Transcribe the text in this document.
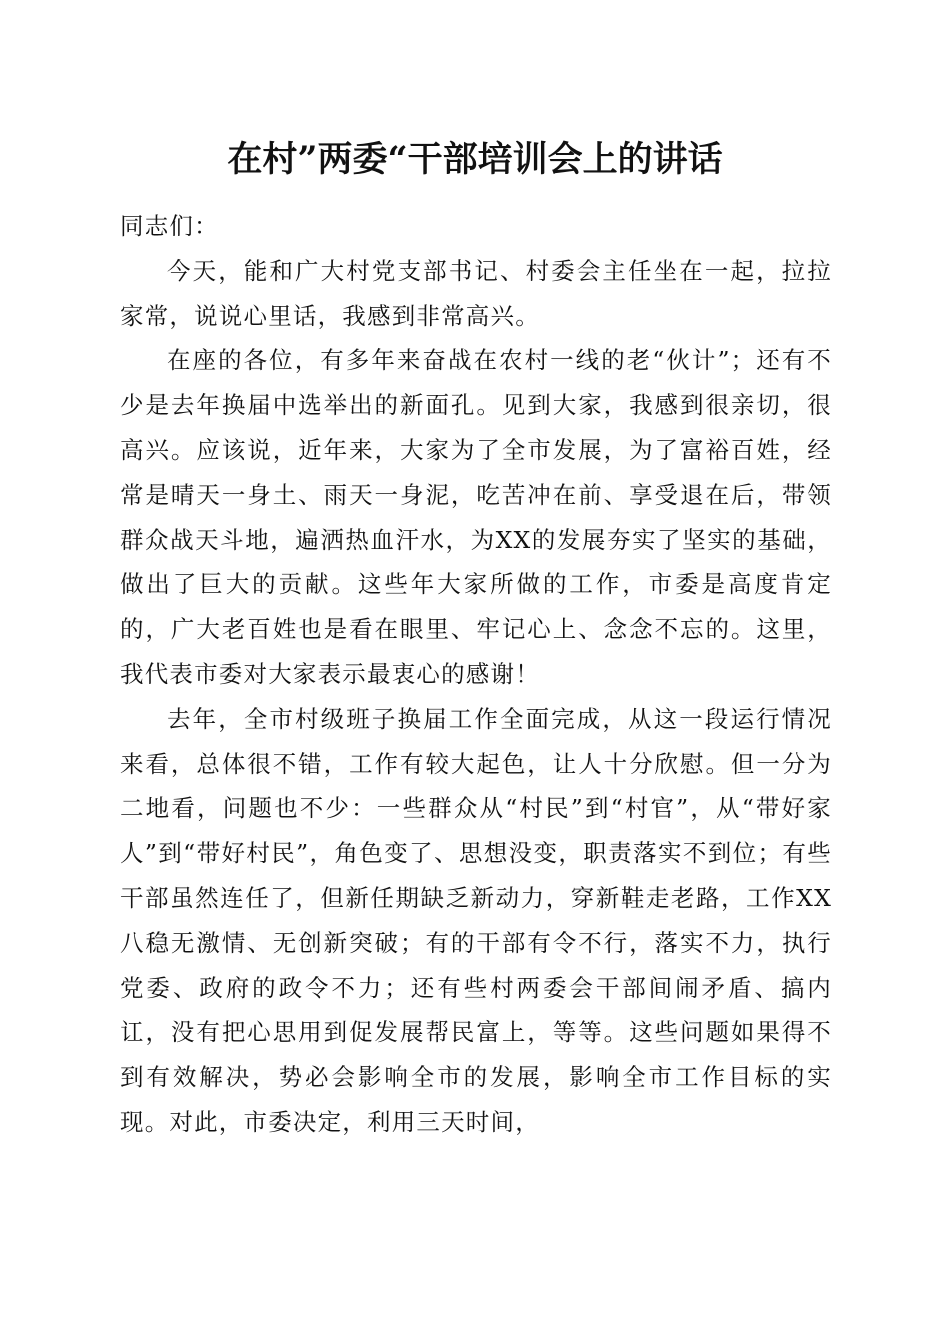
在村”两委“干部培训会上的讲话

同志们：

今天，能和广大村党支部书记、村委会主任坐在一起，拉拉家常，说说心里话，我感到非常高兴。

在座的各位，有多年来奋战在农村一线的老“伙计”；还有不少是去年换届中选举出的新面孔。见到大家，我感到很亲切，很高兴。应该说，近年来，大家为了全市发展，为了富裕百姓，经常是晴天一身土、雨天一身泥，吃苦冲在前、享受退在后，带领群众战天斗地，遍洒热血汗水，为XX的发展夯实了坚实的基础，做出了巨大的贡献。这些年大家所做的工作，市委是高度肯定的，广大老百姓也是看在眼里、牢记心上、念念不忘的。这里，我代表市委对大家表示最衷心的感谢！

去年，全市村级班子换届工作全面完成，从这一段运行情况来看，总体很不错，工作有较大起色，让人十分欣慰。但一分为二地看，问题也不少：一些群众从“村民”到“村官”，从“带好家人”到“带好村民”，角色变了、思想没变，职责落实不到位；有些干部虽然连任了，但新任期缺乏新动力，穿新鞋走老路，工作XX八稳无激情、无创新突破；有的干部有令不行，落实不力，执行党委、政府的政令不力；还有些村两委会干部间闹矛盾、搞内讧，没有把心思用到促发展帮民富上，等等。这些问题如果得不到有效解决，势必会影响全市的发展，影响全市工作目标的实现。对此，市委决定，利用三天时间，
